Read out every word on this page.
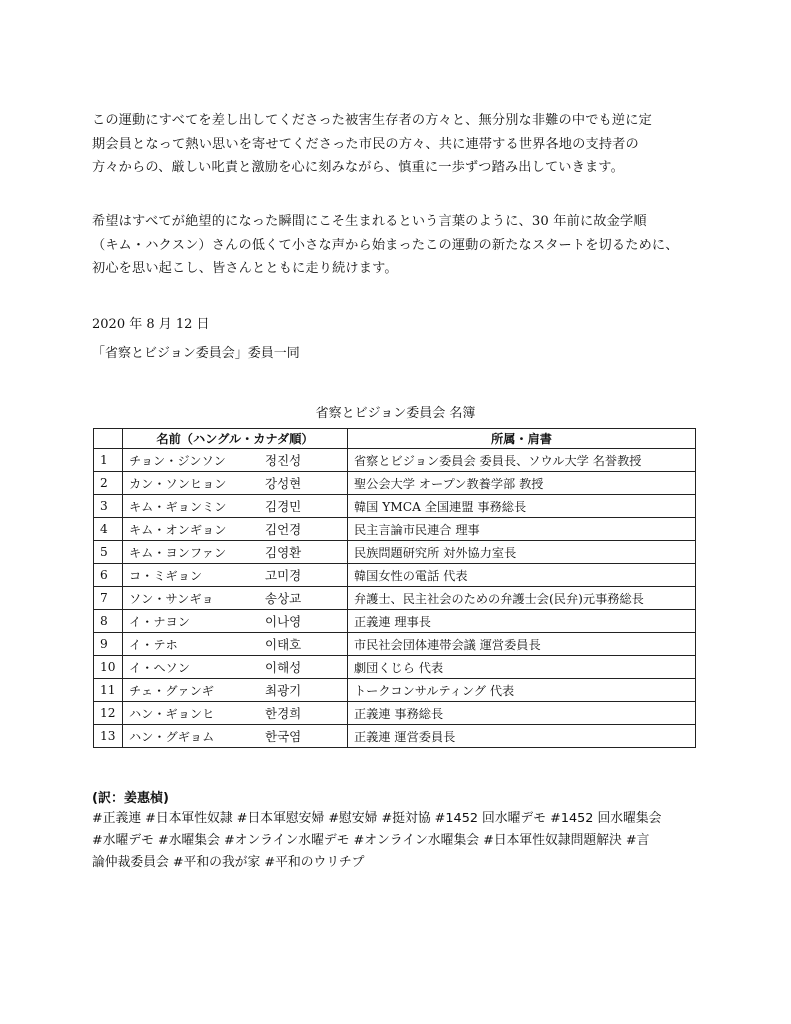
この運動にすべてを差し出してくださった被害生存者の方々と、無分別な非難の中でも逆に定
期会員となって熱い思いを寄せてくださった市民の方々、共に連帯する世界各地の支持者の
方々からの、厳しい叱責と激励を心に刻みながら、慎重に一歩ずつ踏み出していきます。

希望はすべてが絶望的になった瞬間にこそ生まれるという言葉のように、30 年前に故金学順
（キム・ハクスン）さんの低くて小さな声から始まったこの運動の新たなスタートを切るために、
初心を思い起こし、皆さんとともに走り続けます。

2020 年 8 月 12 日

「省察とビジョン委員会」委員一同

省察とビジョン委員会 名簿

	名前（ハングル・カナダ順）	所属・肩書
1	チョン・ジンソン 정진성	省察とビジョン委員会 委員長、ソウル大学 名誉教授
2	カン・ソンヒョン 강성현	聖公会大学 オープン教養学部 教授
3	キム・ギョンミン 김경민	韓国 YMCA 全国連盟 事務総長
4	キム・オンギョン 김언경	民主言論市民連合 理事
5	キム・ヨンファン 김영환	民族問題研究所 対外協力室長
6	コ・ミギョン 고미경	韓国女性の電話 代表
7	ソン・サンギョ 송상교	弁護士、民主社会のための弁護士会(民弁)元事務総長
8	イ・ナヨン 이나영	正義連 理事長
9	イ・テホ 이태호	市民社会団体連帯会議 運営委員長
10	イ・ヘソン 이해성	劇団くじら 代表
11	チェ・グァンギ 최광기	トークコンサルティング 代表
12	ハン・ギョンヒ 한경희	正義連 事務総長
13	ハン・グギョム 한국염	正義連 運営委員長

(訳：姜惠楨)

#正義連 #日本軍性奴隷 #日本軍慰安婦 #慰安婦 #挺対協 #1452 回水曜デモ #1452 回水曜集会
#水曜デモ #水曜集会 #オンライン水曜デモ #オンライン水曜集会 #日本軍性奴隷問題解決 #言
論仲裁委員会 #平和の我が家 #平和のウリチプ
